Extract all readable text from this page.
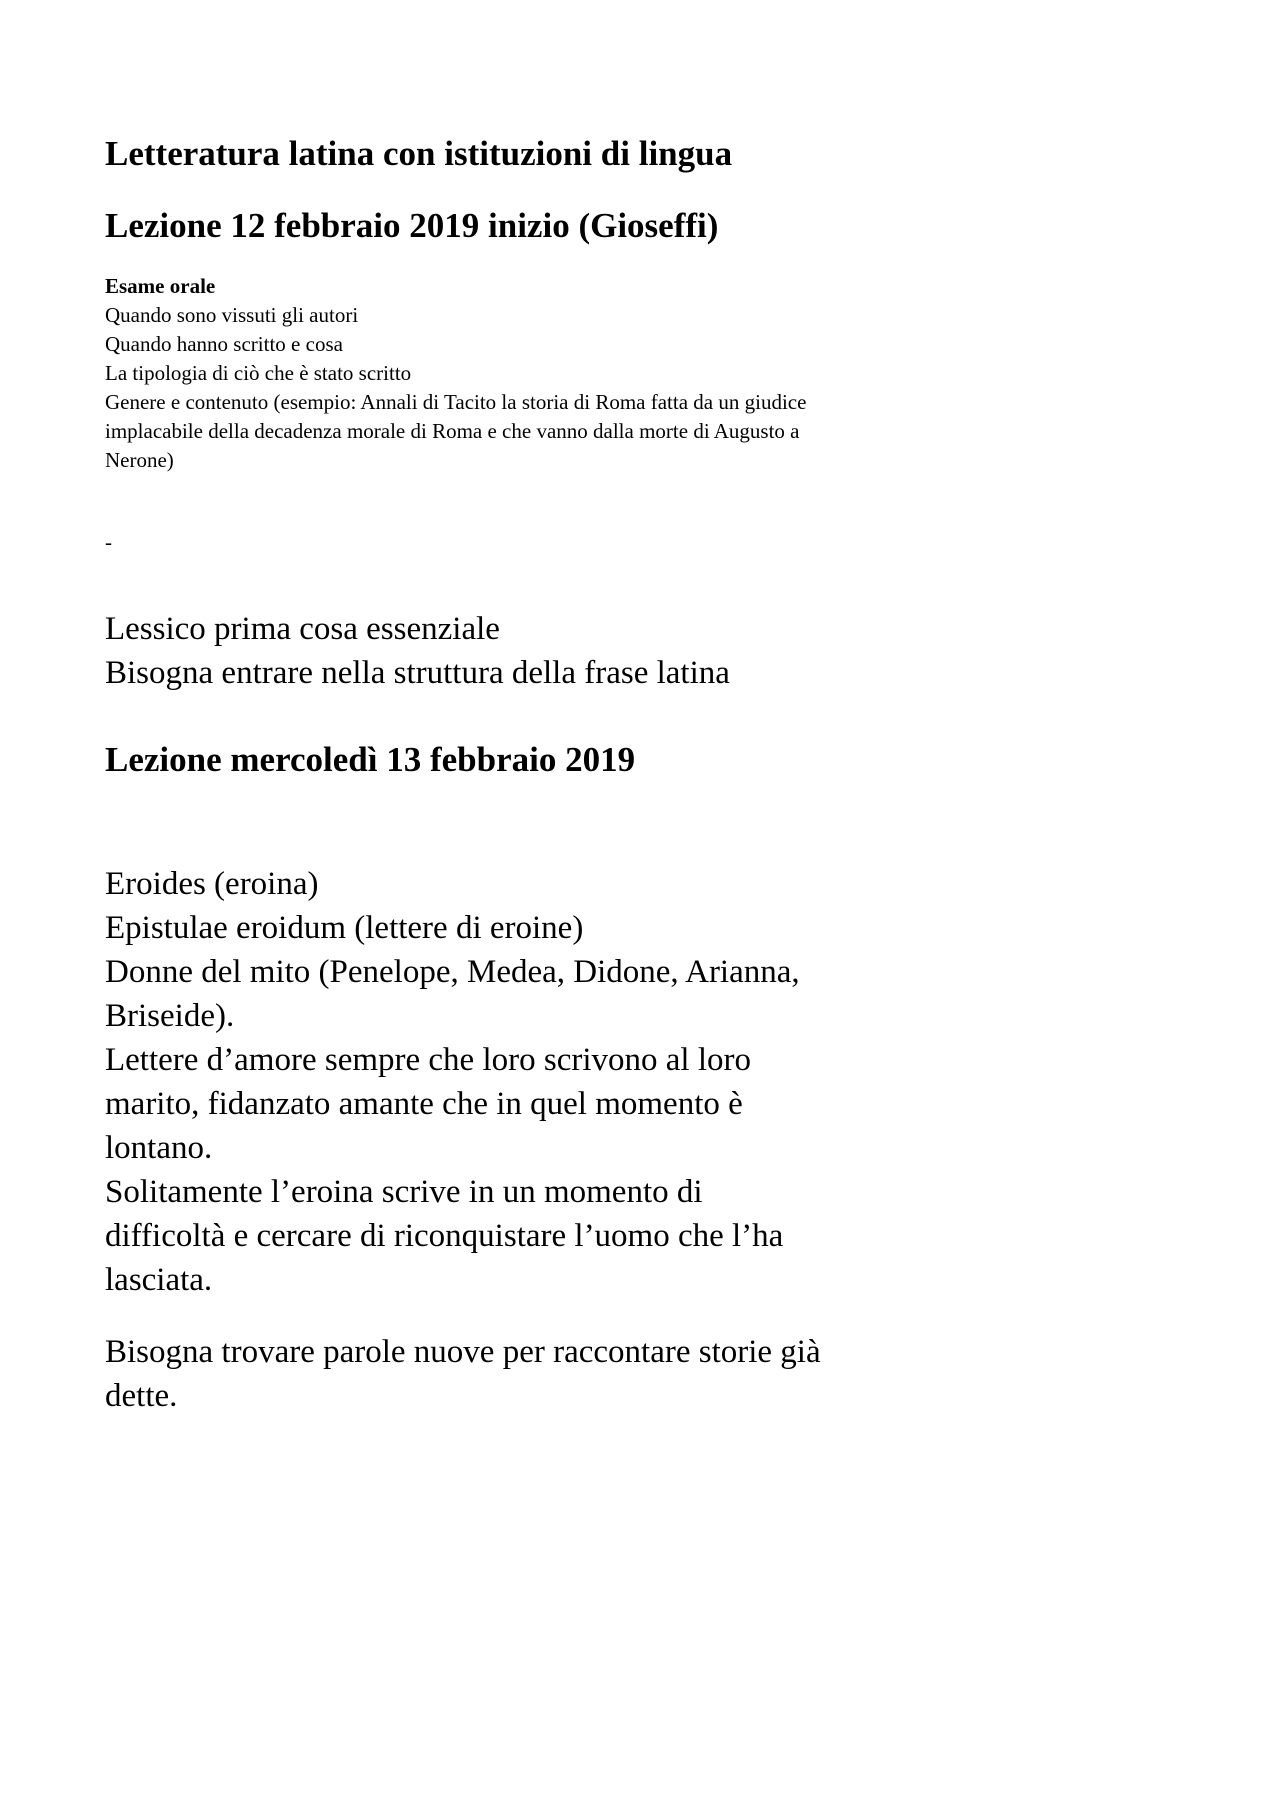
Letteratura latina con istituzioni di lingua
Lezione 12 febbraio 2019 inizio (Gioseffi)
Esame orale
Quando sono vissuti gli autori
Quando hanno scritto e cosa
La tipologia di ciò che è stato scritto
Genere e contenuto (esempio: Annali di Tacito la storia di Roma fatta da un giudice
implacabile della decadenza morale di Roma e che vanno dalla morte di Augusto a
Nerone)
-
Lessico prima cosa essenziale
Bisogna entrare nella struttura della frase latina
Lezione mercoledì 13 febbraio 2019
Eroides (eroina)
Epistulae eroidum (lettere di eroine)
Donne del mito (Penelope, Medea, Didone, Arianna,
Briseide).
Lettere d’amore sempre che loro scrivono al loro
marito, fidanzato amante che in quel momento è
lontano.
Solitamente l’eroina scrive in un momento di
difficoltà e cercare di riconquistare l’uomo che l’ha
lasciata.
Bisogna trovare parole nuove per raccontare storie già
dette.
